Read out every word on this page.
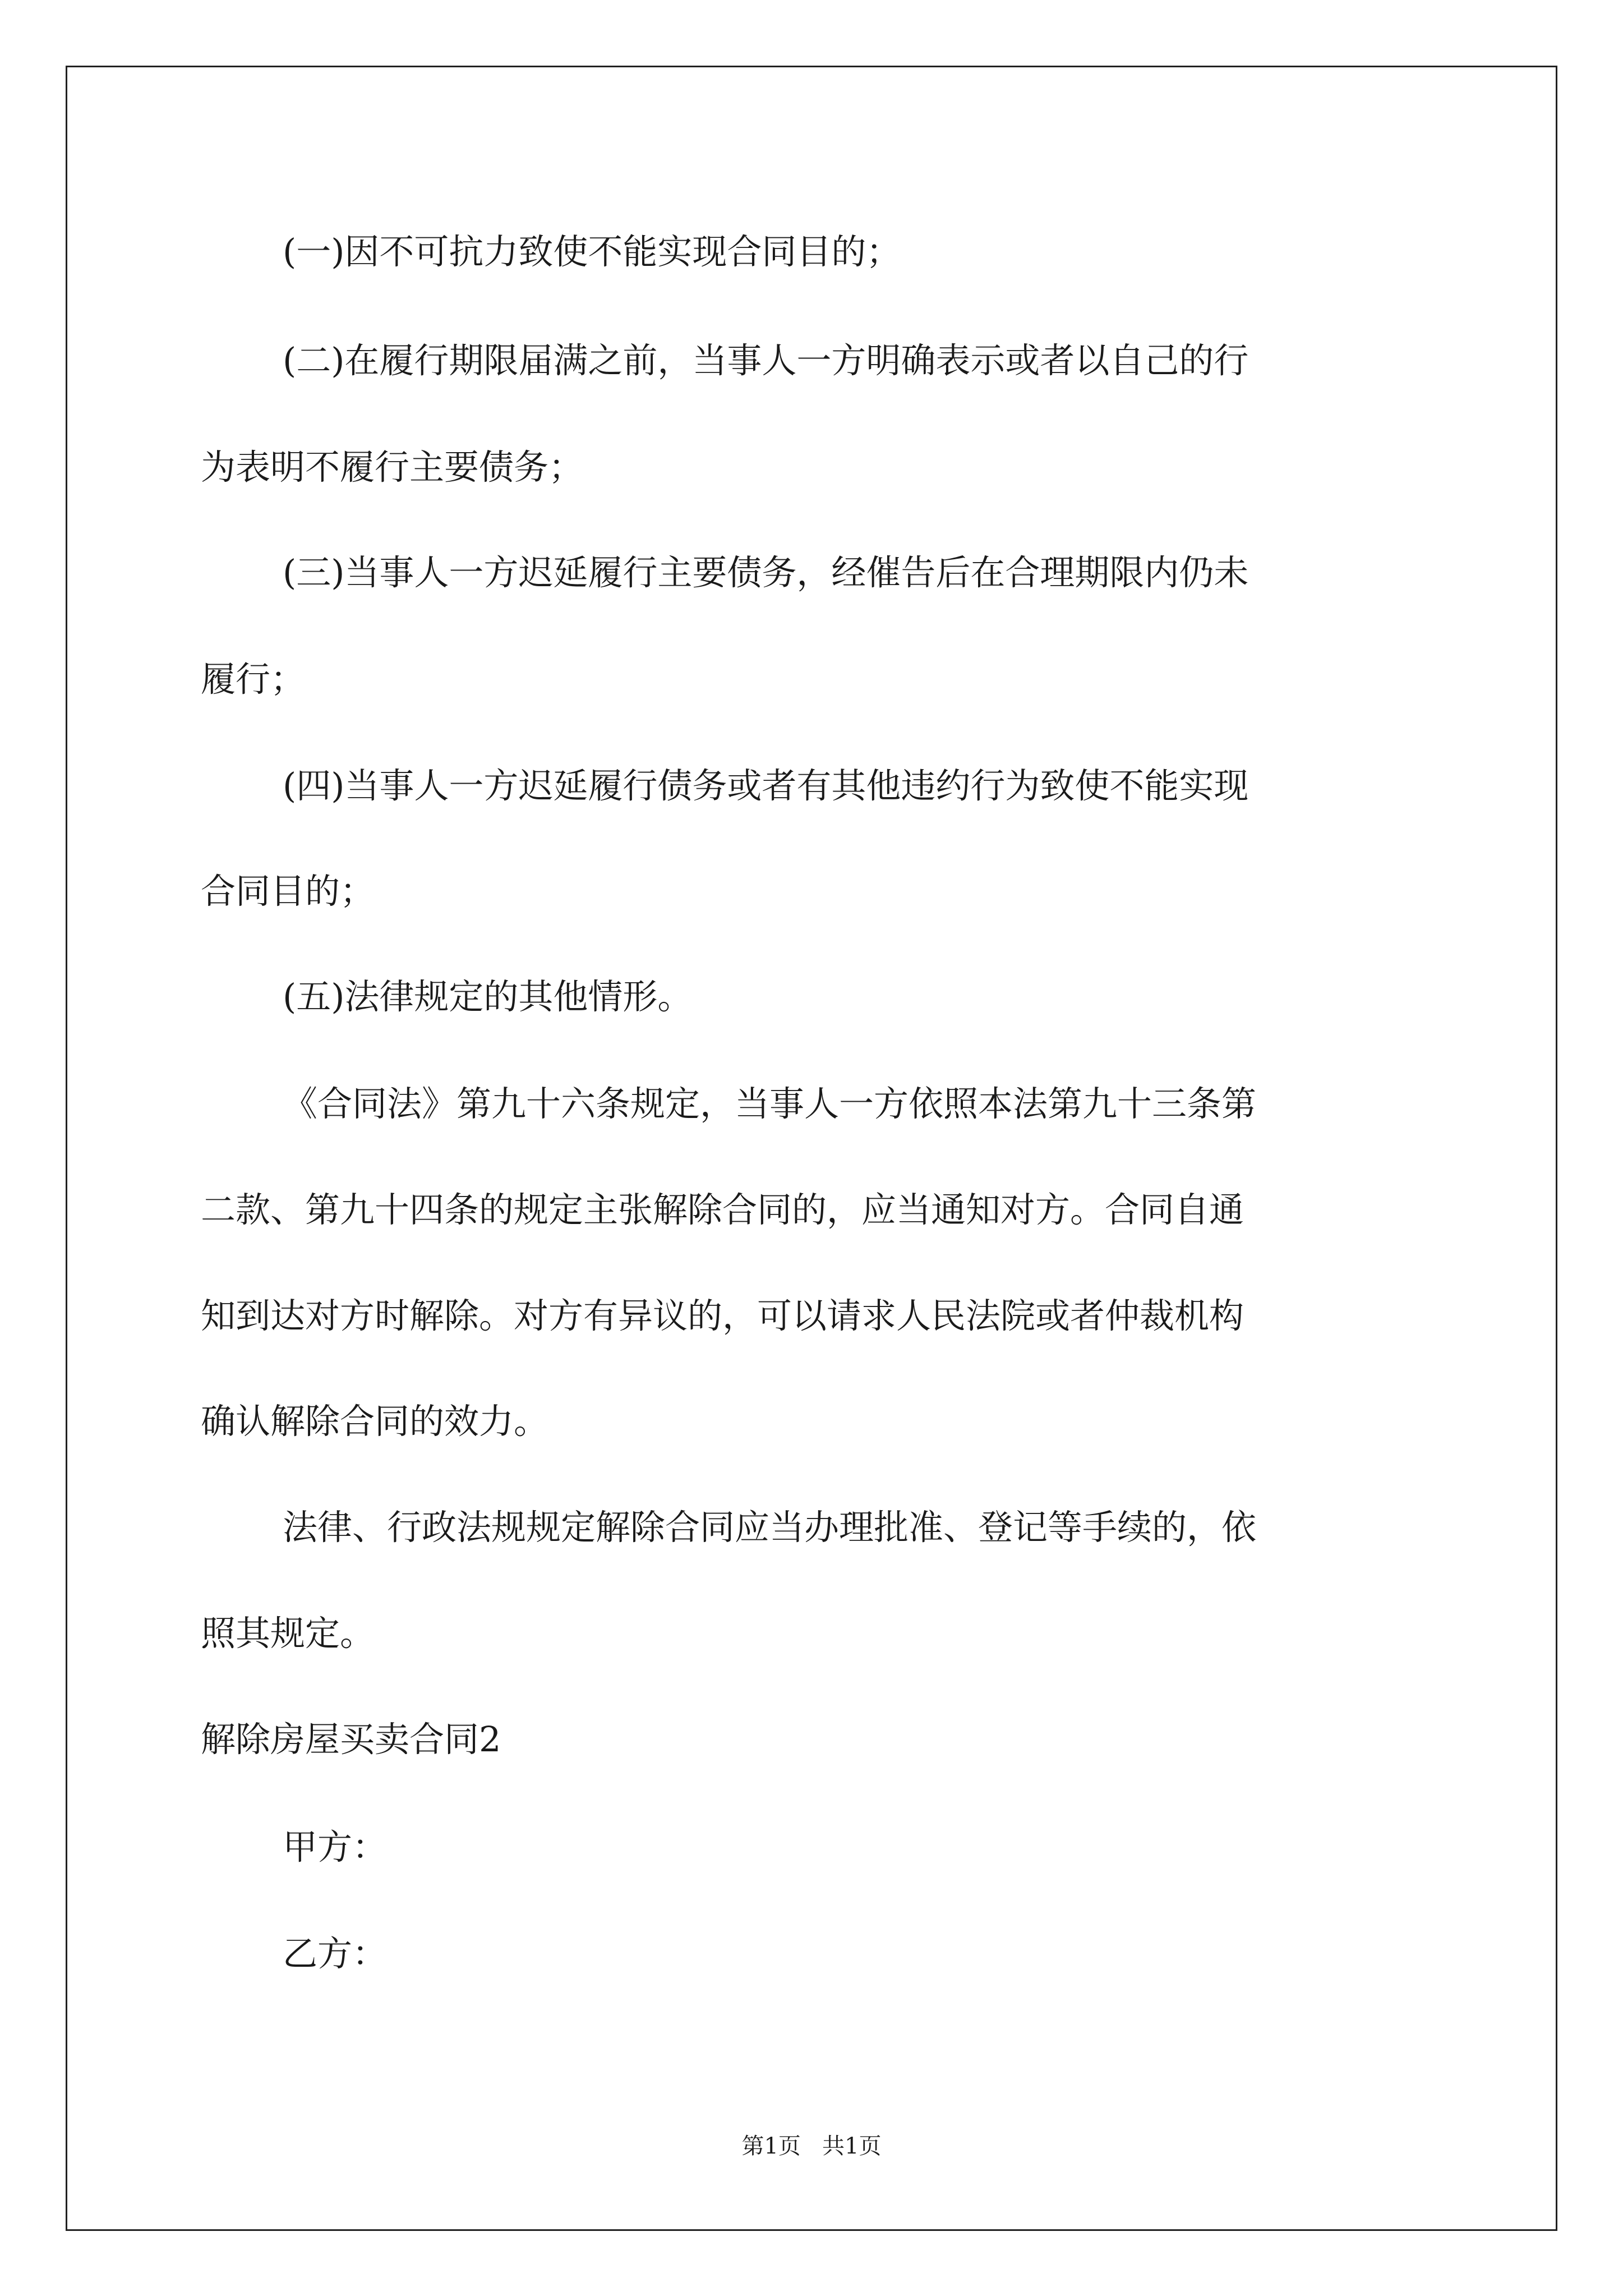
(一)因不可抗力致使不能实现合同目的；
(二)在履行期限届满之前，当事人一方明确表示或者以自己的行
为表明不履行主要债务；
(三)当事人一方迟延履行主要债务，经催告后在合理期限内仍未
履行；
(四)当事人一方迟延履行债务或者有其他违约行为致使不能实现
合同目的；
(五)法律规定的其他情形。
《合同法》第九十六条规定，当事人一方依照本法第九十三条第
二款、第九十四条的规定主张解除合同的，应当通知对方。合同自通
知到达对方时解除。对方有异议的，可以请求人民法院或者仲裁机构
确认解除合同的效力。
法律、行政法规规定解除合同应当办理批准、登记等手续的，依
照其规定。
解除房屋买卖合同2
甲方：
乙方：
第1页   共1页
